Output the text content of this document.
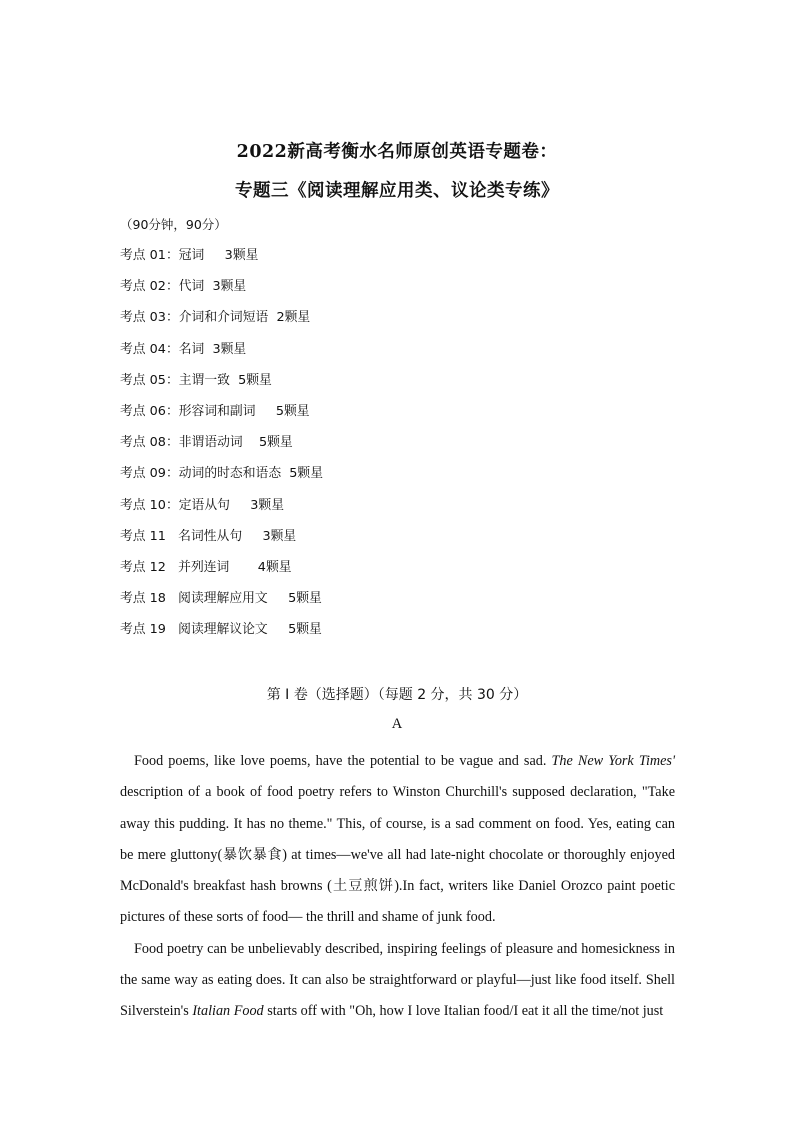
2022新高考衡水名师原创英语专题卷：
专题三《阅读理解应用类、议论类专练》
（90分钟，90分）
考点 01：冠词     3颗星
考点 02：代词  3颗星
考点 03：介词和介词短语  2颗星
考点 04：名词  3颗星
考点 05：主谓一致  5颗星
考点 06：形容词和副词     5颗星
考点 08：非谓语动词    5颗星
考点 09：动词的时态和语态  5颗星
考点 10：定语从句     3颗星
考点 11   名词性从句     3颗星
考点 12   并列连词       4颗星
考点 18   阅读理解应用文     5颗星
考点 19   阅读理解议论文     5颗星
第 I 卷（选择题）（每题 2 分，共 30 分）
A

Food poems, like love poems, have the potential to be vague and sad. The New York Times' description of a book of food poetry refers to Winston Churchill's supposed declaration, "Take away this pudding. It has no theme." This, of course, is a sad comment on food. Yes, eating can be mere gluttony(暴饮暴食) at times—we've all had late-night chocolate or thoroughly enjoyed McDonald's breakfast hash browns (土豆煎饼).In fact, writers like Daniel Orozco paint poetic pictures of these sorts of food— the thrill and shame of junk food.

Food poetry can be unbelievably described, inspiring feelings of pleasure and homesickness in the same way as eating does. It can also be straightforward or playful—just like food itself. Shell Silverstein's Italian Food starts off with "Oh, how I love Italian food/I eat it all the time/not just
